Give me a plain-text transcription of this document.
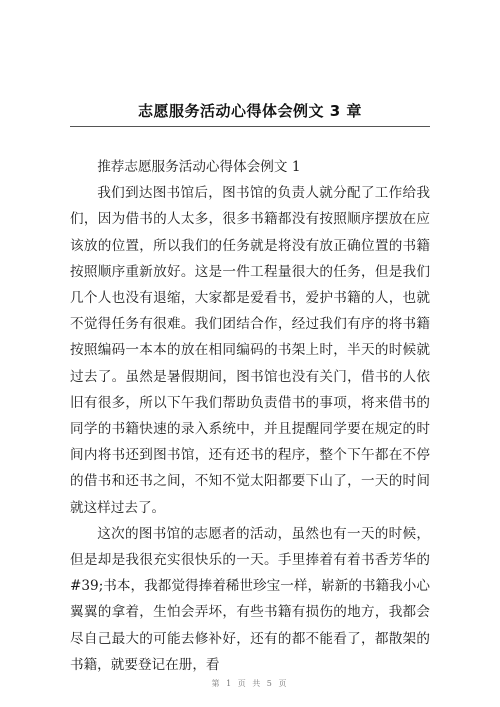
志愿服务活动心得体会例文 3 章

推荐志愿服务活动心得体会例文 1

我们到达图书馆后，图书馆的负责人就分配了工作给我们，因为借书的人太多，很多书籍都没有按照顺序摆放在应该放的位置，所以我们的任务就是将没有放正确位置的书籍按照顺序重新放好。这是一件工程量很大的任务，但是我们几个人也没有退缩，大家都是爱看书，爱护书籍的人，也就不觉得任务有很难。我们团结合作，经过我们有序的将书籍按照编码一本本的放在相同编码的书架上时，半天的时候就过去了。虽然是暑假期间，图书馆也没有关门，借书的人依旧有很多，所以下午我们帮助负责借书的事项，将来借书的同学的书籍快速的录入系统中，并且提醒同学要在规定的时间内将书还到图书馆，还有还书的程序，整个下午都在不停的借书和还书之间，不知不觉太阳都要下山了，一天的时间就这样过去了。

这次的图书馆的志愿者的活动，虽然也有一天的时候，但是却是我很充实很快乐的一天。手里捧着有着书香芳华的#39;书本，我都觉得捧着稀世珍宝一样，崭新的书籍我小心翼翼的拿着，生怕会弄坏，有些书籍有损伤的地方，我都会尽自己最大的可能去修补好，还有的都不能看了，都散架的书籍，就要登记在册，看

第 1 页 共 5 页
